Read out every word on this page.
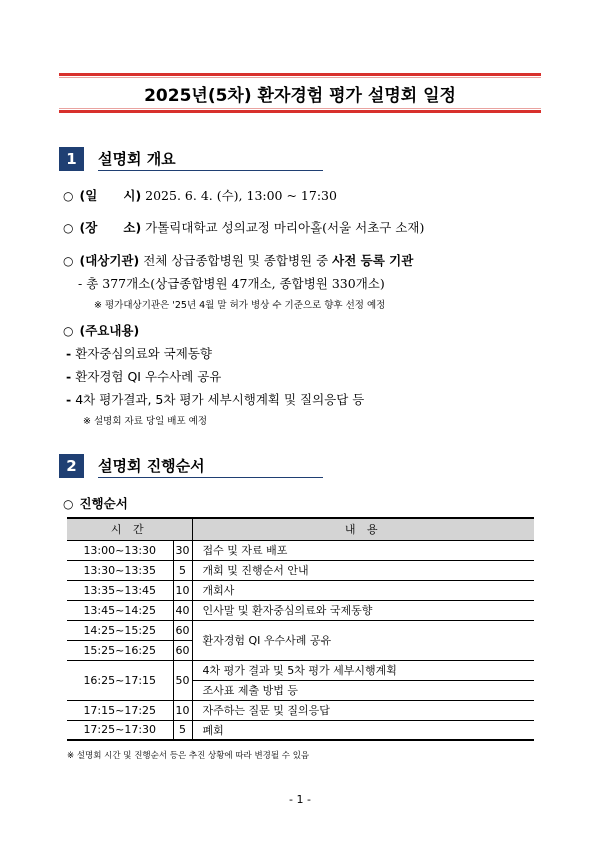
2025년(5차) 환자경험 평가 설명회 일정
1	설명회 개요
○ (일      시) 2025. 6. 4. (수), 13:00 ~ 17:30
○ (장      소) 가톨릭대학교 성의교정 마리아홀(서울 서초구 소재)
○ (대상기관) 전체 상급종합병원 및 종합병원 중 사전 등록 기관
- 총 377개소(상급종합병원 47개소, 종합병원 330개소)
※ 평가대상기관은 '25년 4월 말 허가 병상 수 기준으로 향후 선정 예정
○ (주요내용)
- 환자중심의료와 국제동향
- 환자경험 QI 우수사례 공유
- 4차 평가결과, 5차 평가 세부시행계획 및 질의응답 등
※ 설명회 자료 당일 배포 예정
2	설명회 진행순서
○ 진행순서
시 간		내 용
13:00~13:30	30	접수 및 자료 배포
13:30~13:35	5	개회 및 진행순서 안내
13:35~13:45	10	개회사
13:45~14:25	40	인사말 및 환자중심의료와 국제동향
14:25~15:25	60	환자경험 QI 우수사례 공유
15:25~16:25	60	
16:25~17:15	50	4차 평가 결과 및 5차 평가 세부시행계획
		조사표 제출 방법 등
17:15~17:25	10	자주하는 질문 및 질의응답
17:25~17:30	5	폐회
※ 설명회 시간 및 진행순서 등은 추진 상황에 따라 변경될 수 있음
- 1 -
